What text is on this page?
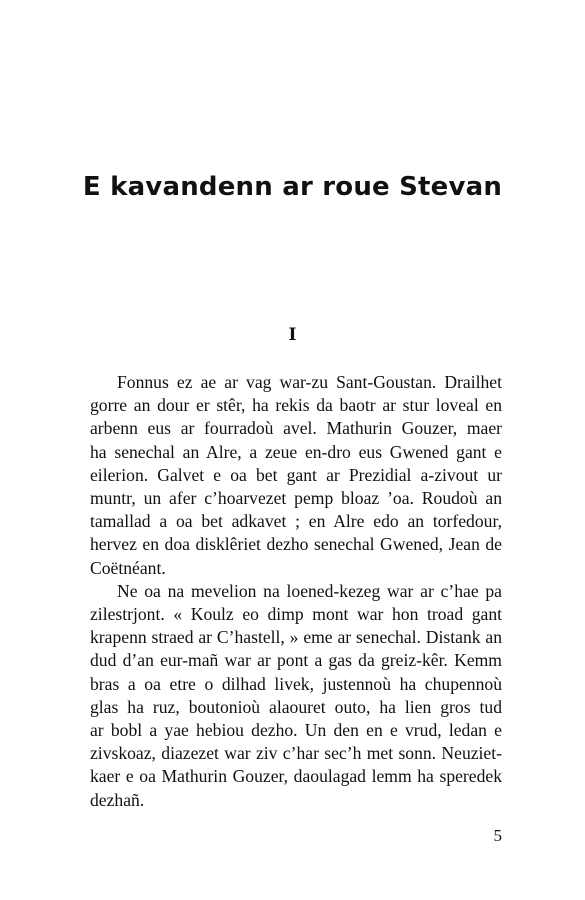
E kavandenn ar roue Stevan
I
Fonnus ez ae ar vag war-zu Sant-Goustan. Drailhet
gorre an dour er stêr, ha rekis da baotr ar stur loveal en
arbenn eus ar fourradoù avel. Mathurin Gouzer, maer
ha senechal an Alre, a zeue en-dro eus Gwened gant e
eilerion. Galvet e oa bet gant ar Prezidial a-zivout ur
muntr, un afer c’hoarvezet pemp bloaz ’oa. Roudoù an
tamallad a oa bet adkavet ; en Alre edo an torfedour,
hervez en doa disklêriet dezho senechal Gwened, Jean de
Coëtnéant.
Ne oa na mevelion na loened-kezeg war ar c’hae pa
zilestrjont. « Koulz eo dimp mont war hon troad gant
krapenn straed ar C’hastell, » eme ar senechal. Distank an
dud d’an eur-mañ war ar pont a gas da greiz-kêr. Kemm
bras a oa etre o dilhad livek, justennoù ha chupennoù
glas ha ruz, boutonioù alaouret outo, ha lien gros tud
ar bobl a yae hebiou dezho. Un den en e vrud, ledan e
zivskoaz, diazezet war ziv c’har sec’h met sonn. Neuziet-
kaer e oa Mathurin Gouzer, daoulagad lemm ha speredek
dezhañ.
5
